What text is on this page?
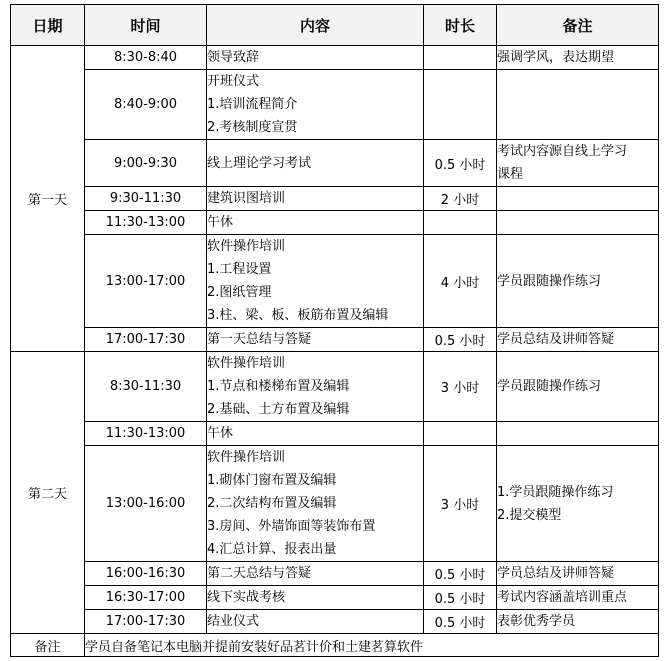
日期	时间	内容	时长	备注
第一天	8:30-8:40	领导致辞		强调学风，表达期望

	8:40-9:00	开班仪式
1.培训流程简介
2.考核制度宣贯		

	9:00-9:30	线上理论学习考试	0.5 小时	考试内容源自线上学习
课程

	9:30-11:30	建筑识图培训	2 小时	
	11:30-13:00	午休		

	13:00-17:00	软件操作培训
1.工程设置
2.图纸管理
3.柱、梁、板、板筋布置及编辑	4 小时	学员跟随操作练习

	17:00-17:30	第一天总结与答疑	0.5 小时	学员总结及讲师答疑

第二天	8:30-11:30	软件操作培训
1.节点和楼梯布置及编辑
2.基础、土方布置及编辑	3 小时	学员跟随操作练习

	11:30-13:00	午休		

	13:00-16:00	软件操作培训
1.砌体门窗布置及编辑
2.二次结构布置及编辑
3.房间、外墙饰面等装饰布置
4.汇总计算、报表出量	3 小时	1.学员跟随操作练习
2.提交模型

	16:00-16:30	第二天总结与答疑	0.5 小时	学员总结及讲师答疑

	16:30-17:00	线下实战考核	0.5 小时	考试内容涵盖培训重点

	17:00-17:30	结业仪式	0.5 小时	表彰优秀学员

备注	学员自备笔记本电脑并提前安装好品茗计价和土建茗算软件			
